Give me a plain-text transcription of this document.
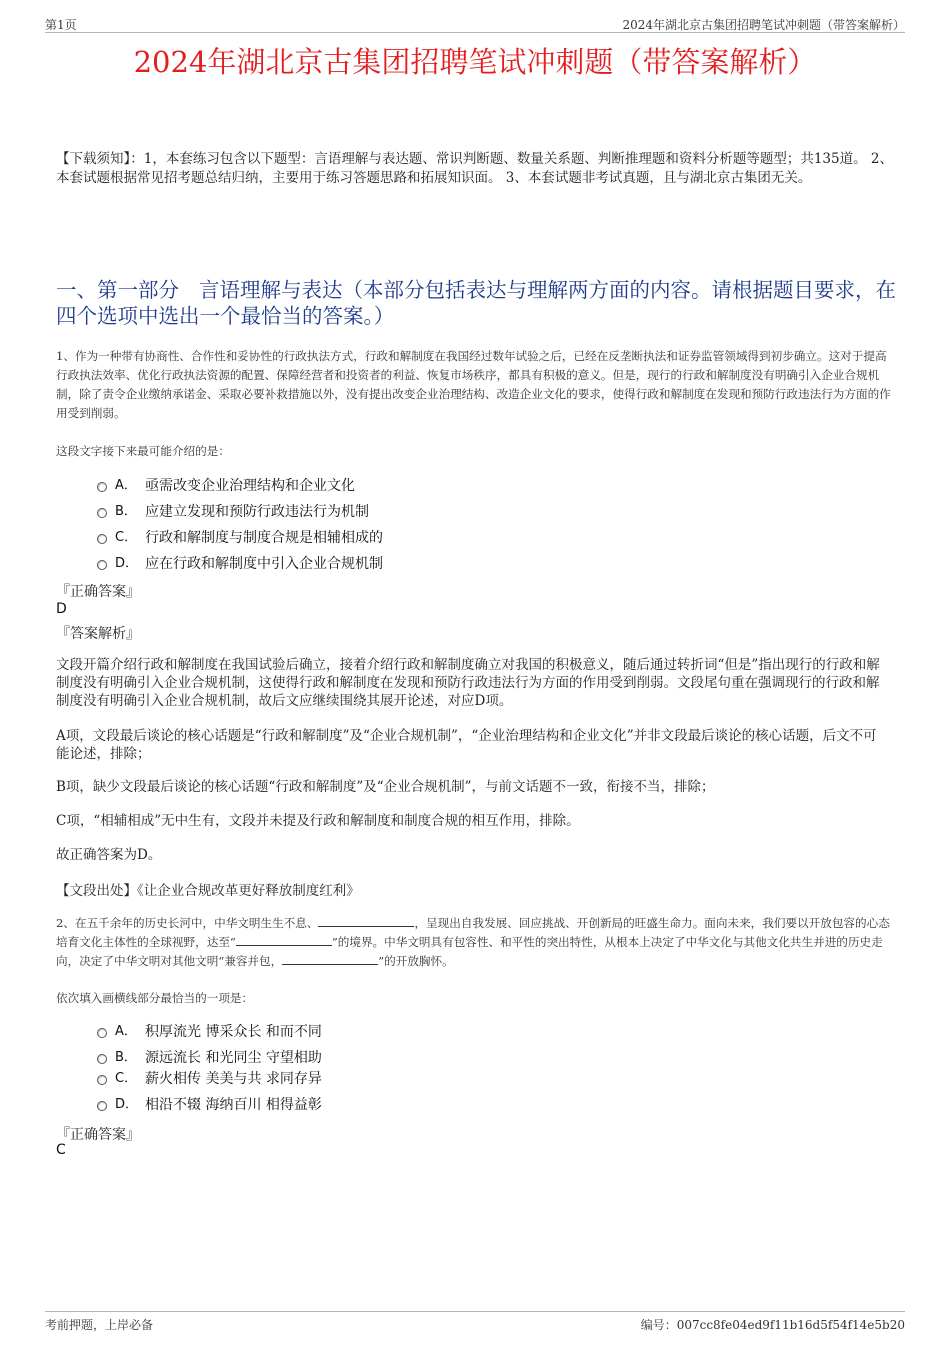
第1页	2024年湖北京古集团招聘笔试冲刺题（带答案解析）
2024年湖北京古集团招聘笔试冲刺题（带答案解析）
【下载须知】：1，本套练习包含以下题型：言语理解与表达题、常识判断题、数量关系题、判断推理题和资料分析题等题型；共135道。 2、本套试题根据常见招考题总结归纳，主要用于练习答题思路和拓展知识面。 3、本套试题非考试真题，且与湖北京古集团无关。
一、第一部分 言语理解与表达（本部分包括表达与理解两方面的内容。请根据题目要求，在四个选项中选出一个最恰当的答案。）
1、作为一种带有协商性、合作性和妥协性的行政执法方式，行政和解制度在我国经过数年试验之后，已经在反垄断执法和证券监管领域得到初步确立。这对于提高行政执法效率、优化行政执法资源的配置、保障经营者和投资者的利益、恢复市场秩序，都具有积极的意义。但是，现行的行政和解制度没有明确引入企业合规机制，除了责令企业缴纳承诺金、采取必要补救措施以外，没有提出改变企业治理结构、改造企业文化的要求，使得行政和解制度在发现和预防行政违法行为方面的作用受到削弱。
这段文字接下来最可能介绍的是：
A． 亟需改变企业治理结构和企业文化
B． 应建立发现和预防行政违法行为机制
C． 行政和解制度与制度合规是相辅相成的
D． 应在行政和解制度中引入企业合规机制
『正确答案』
D
『答案解析』
文段开篇介绍行政和解制度在我国试验后确立，接着介绍行政和解制度确立对我国的积极意义，随后通过转折词“但是”指出现行的行政和解制度没有明确引入企业合规机制，这使得行政和解制度在发现和预防行政违法行为方面的作用受到削弱。文段尾句重在强调现行的行政和解制度没有明确引入企业合规机制，故后文应继续围绕其展开论述，对应D项。
A项，文段最后谈论的核心话题是“行政和解制度”及“企业合规机制”，“企业治理结构和企业文化”并非文段最后谈论的核心话题，后文不可能论述，排除；
B项，缺少文段最后谈论的核心话题“行政和解制度”及“企业合规机制”，与前文话题不一致，衔接不当，排除；
C项，“相辅相成”无中生有，文段并未提及行政和解制度和制度合规的相互作用，排除。
故正确答案为D。
【文段出处】《让企业合规改革更好释放制度红利》
2、在五千余年的历史长河中，中华文明生生不息、	，呈现出自我发展、回应挑战、开创新局的旺盛生命力。面向未来，我们要以开放包容的心态培育文化主体性的全球视野，达至“	”的境界。中华文明具有包容性、和平性的突出特性，从根本上决定了中华文化与其他文化共生并进的历史走向，决定了中华文明对其他文明“兼容并包，	”的开放胸怀。
依次填入画横线部分最恰当的一项是：
A． 积厚流光 博采众长 和而不同
B． 源远流长 和光同尘 守望相助
C． 薪火相传 美美与共 求同存异
D． 相沿不辍 海纳百川 相得益彰
『正确答案』
C
考前押题，上岸必备	编号：007cc8fe04ed9f11b16d5f54f14e5b20
